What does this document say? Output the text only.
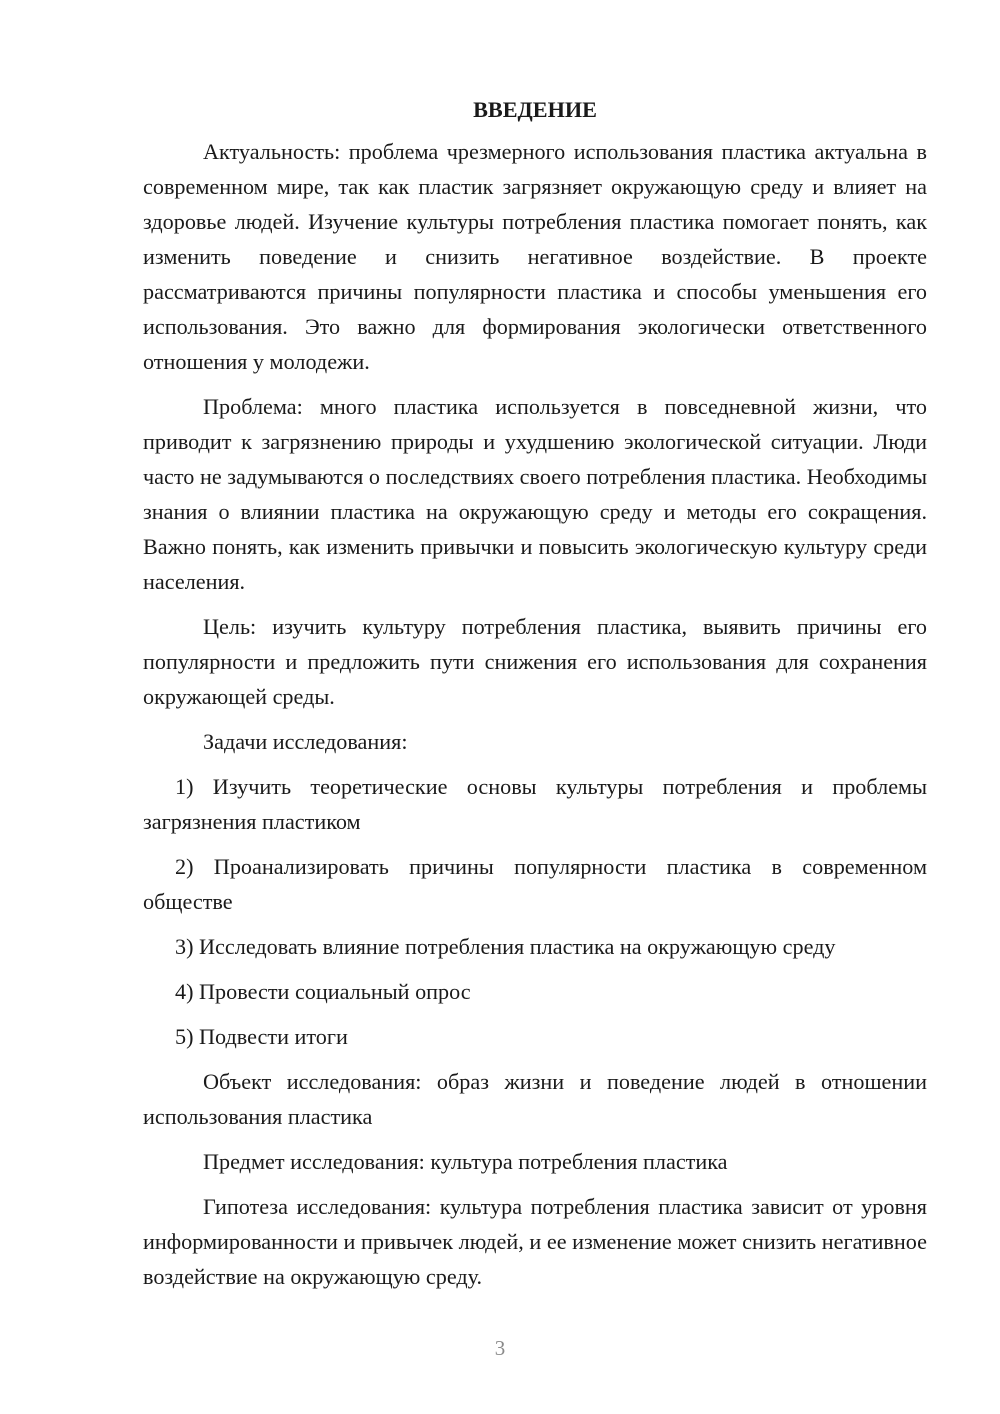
ВВЕДЕНИЕ

Актуальность: проблема чрезмерного использования пластика актуальна в современном мире, так как пластик загрязняет окружающую среду и влияет на здоровье людей. Изучение культуры потребления пластика помогает понять, как изменить поведение и снизить негативное воздействие. В проекте рассматриваются причины популярности пластика и способы уменьшения его использования. Это важно для формирования экологически ответственного отношения у молодежи.

Проблема: много пластика используется в повседневной жизни, что приводит к загрязнению природы и ухудшению экологической ситуации. Люди часто не задумываются о последствиях своего потребления пластика. Необходимы знания о влиянии пластика на окружающую среду и методы его сокращения. Важно понять, как изменить привычки и повысить экологическую культуру среди населения.

Цель: изучить культуру потребления пластика, выявить причины его популярности и предложить пути снижения его использования для сохранения окружающей среды.

Задачи исследования:

1) Изучить теоретические основы культуры потребления и проблемы загрязнения пластиком

2) Проанализировать причины популярности пластика в современном обществе

3) Исследовать влияние потребления пластика на окружающую среду

4) Провести социальный опрос

5) Подвести итоги

Объект исследования: образ жизни и поведение людей в отношении использования пластика

Предмет исследования: культура потребления пластика

Гипотеза исследования: культура потребления пластика зависит от уровня информированности и привычек людей, и ее изменение может снизить негативное воздействие на окружающую среду.

3
